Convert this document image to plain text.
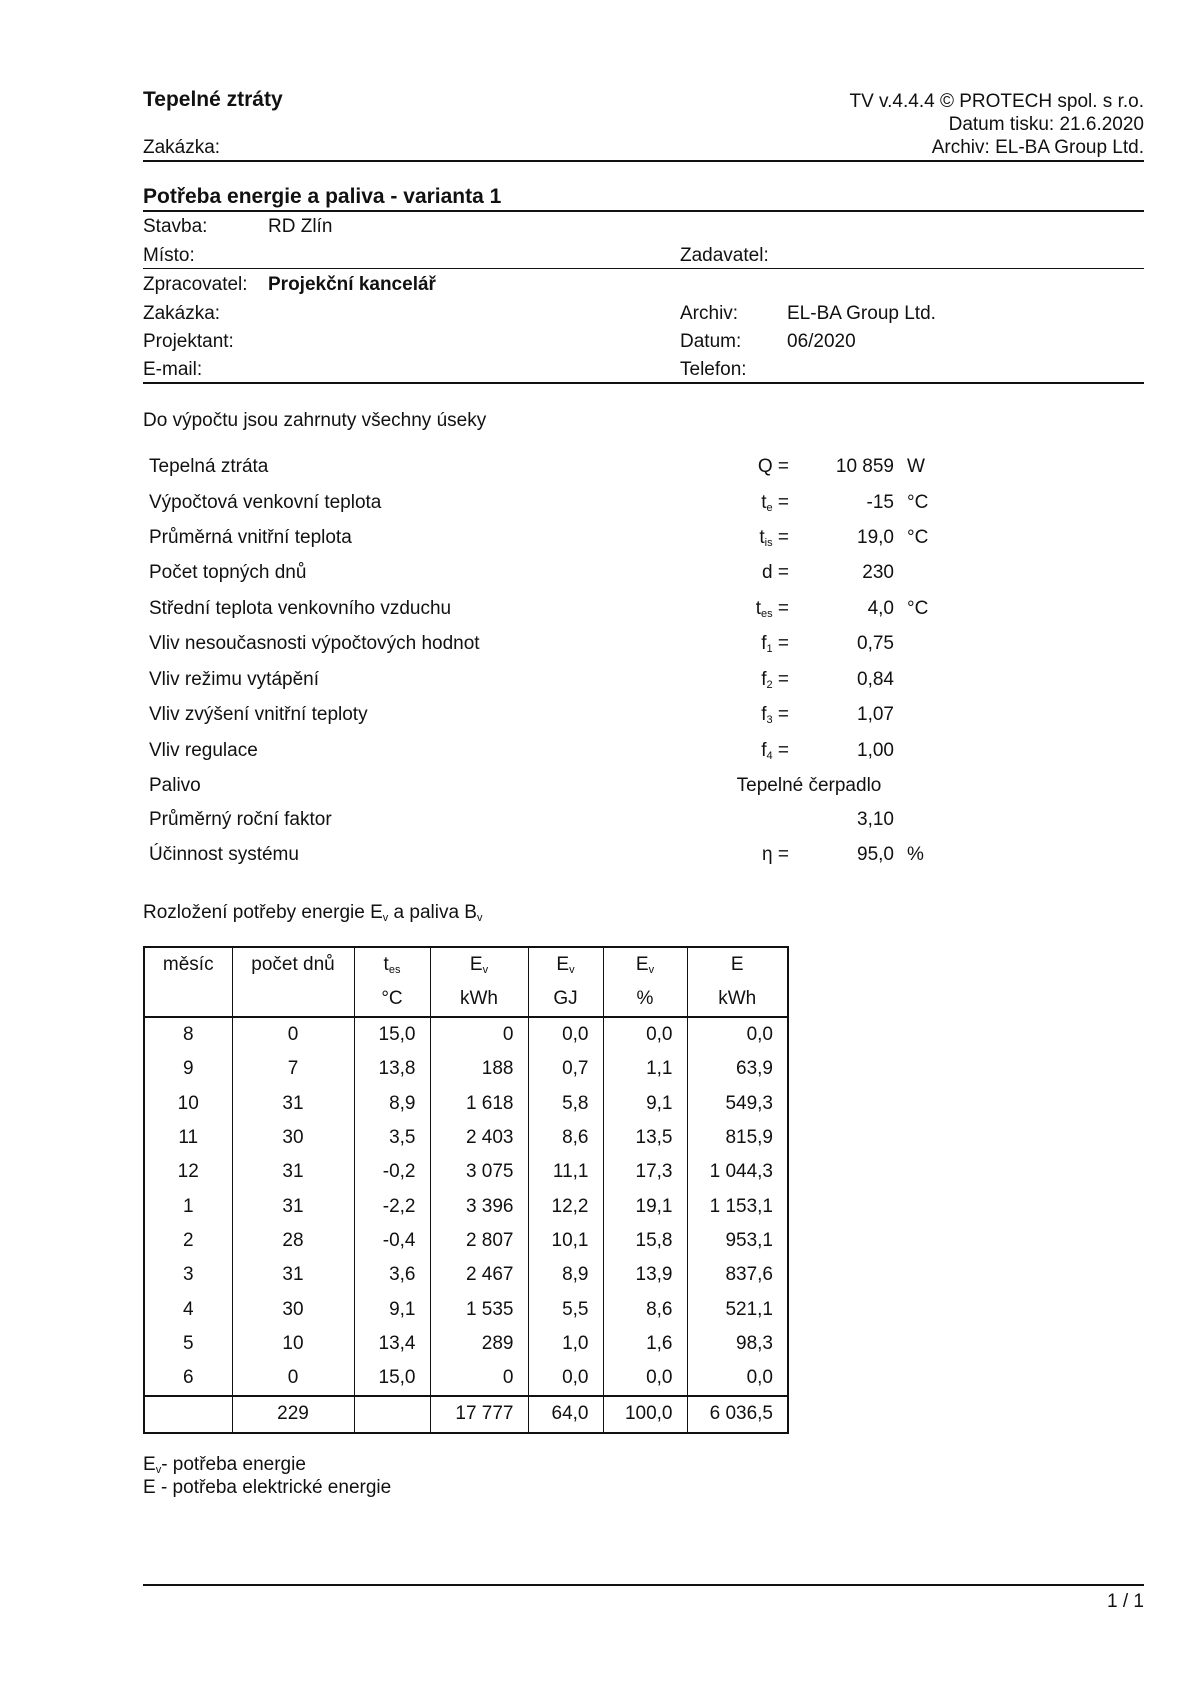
Tepelné ztráty
Zakázka:
TV v.4.4.4 © PROTECH spol. s r.o.
Datum tisku: 21.6.2020
Archiv: EL-BA Group Ltd.
Potřeba energie a paliva - varianta 1
Stavba:	RD Zlín
Místo:	Zadavatel:
Zpracovatel: Projekční kancelář
Zakázka:	Archiv:	EL-BA Group Ltd.
Projektant:	Datum: 06/2020
E-mail:	Telefon:
Do výpočtu jsou zahrnuty všechny úseky
Tepelná ztráta	Q =	10 859 W
Výpočtová venkovní teplota	$t_e$ =	-15 °C
Průměrná vnitřní teplota	$t_{is}$ =	19,0 °C
Počet topných dnů	d =	230
Střední teplota venkovního vzduchu	$t_{es}$ =	4,0 °C
Vliv nesoučasnosti výpočtových hodnot	$f_1$ =	0,75
Vliv režimu vytápění	$f_2$ =	0,84
Vliv zvýšení vnitřní teploty	$f_3$ =	1,07
Vliv regulace	$f_4$ =	1,00
Palivo	Tepelné čerpadlo
Průměrný roční faktor	3,10
Účinnost systému	η =	95,0 %
Rozložení potřeby energie $E_v$ a paliva $B_v$
měsíc	počet dnů	$t_{es}$	$E_v$	$E_v$	$E_v$	E
		°C	kWh	GJ	%	kWh
8	0	15,0	0	0,0	0,0	0,0
9	7	13,8	188	0,7	1,1	63,9
10	31	8,9	1 618	5,8	9,1	549,3
11	30	3,5	2 403	8,6	13,5	815,9
12	31	-0,2	3 075	11,1	17,3	1 044,3
1	31	-2,2	3 396	12,2	19,1	1 153,1
2	28	-0,4	2 807	10,1	15,8	953,1
3	31	3,6	2 467	8,9	13,9	837,6
4	30	9,1	1 535	5,5	8,6	521,1
5	10	13,4	289	1,0	1,6	98,3
6	0	15,0	0	0,0	0,0	0,0
	229		17 777	64,0	100,0	6 036,5
$E_v-$ potřeba energie
E - potřeba elektrické energie
1 / 1
